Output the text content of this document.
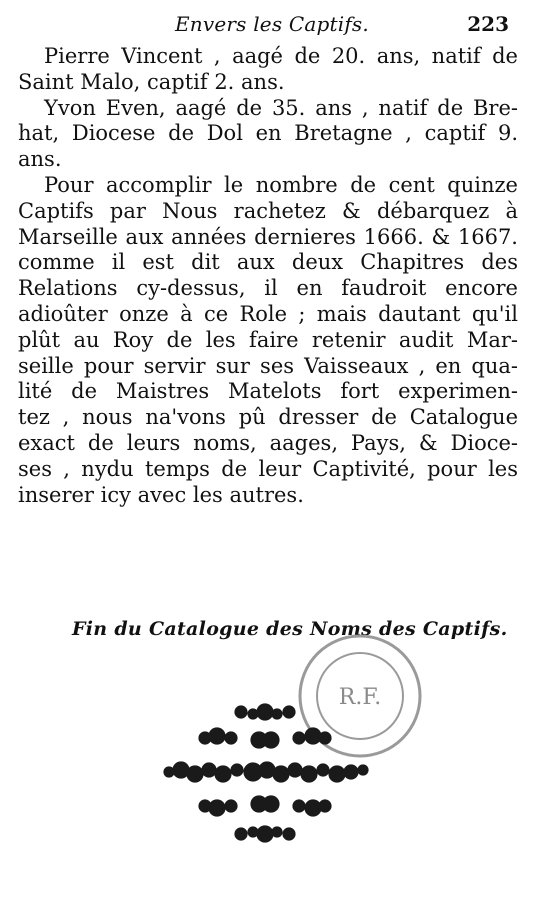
Envers les Captifs.	223
Pierre Vincent , aagé de 20. ans, natif de
Saint Malo, captif 2. ans.
Yvon Even, aagé de 35. ans , natif de Bre-
hat, Diocese de Dol en Bretagne , captif 9.
ans.
Pour accomplir le nombre de cent quinze
Captifs par Nous rachetez & débarquez à
Marseille aux années dernieres 1666. & 1667.
comme il est dit aux deux Chapitres des
Relations cy-dessus, il en faudroit encore
adioûter onze à ce Role ; mais dautant qu'il
plût au Roy de les faire retenir audit Mar-
seille pour servir sur ses Vaisseaux , en qua-
lité de Maistres Matelots fort experimen-
tez , nous na'vons pû dresser de Catalogue
exact de leurs noms, aages, Pays, & Dioce-
ses , nydu temps de leur Captivité, pour les
inserer icy avec les autres.
Fin du Catalogue des Noms des Captifs.
R.F.
